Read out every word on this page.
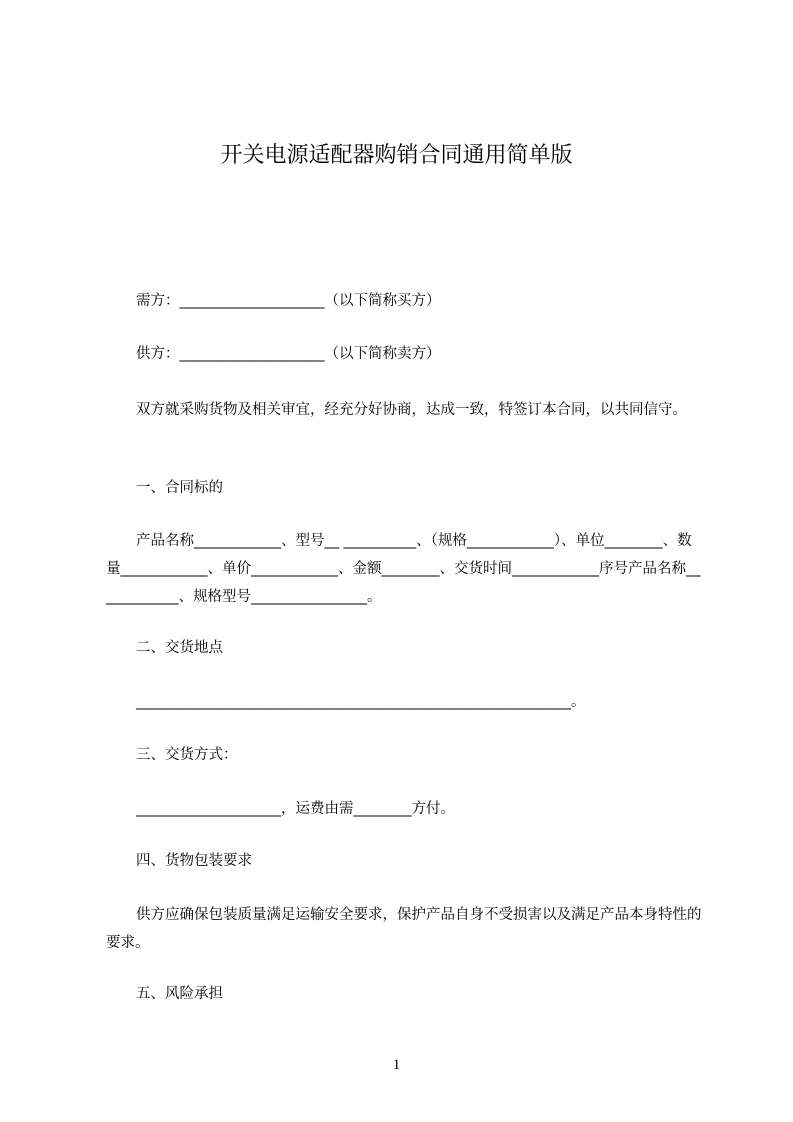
开关电源适配器购销合同通用简单版

需方：____________________（以下简称买方）

供方：____________________（以下简称卖方）

双方就采购货物及相关审宜，经充分好协商，达成一致，特签订本合同，以共同信守。

一、合同标的

产品名称____________、型号__ __________、（规格____________）、单位________、数量____________、单价____________、金额________、交货时间____________序号产品名称____________、规格型号________________。

二、交货地点

____________________________________________________________。

三、交货方式：

____________________，运费由需________方付。

四、货物包装要求

供方应确保包装质量满足运输安全要求，保护产品自身不受损害以及满足产品本身特性的要求。

五、风险承担

1
